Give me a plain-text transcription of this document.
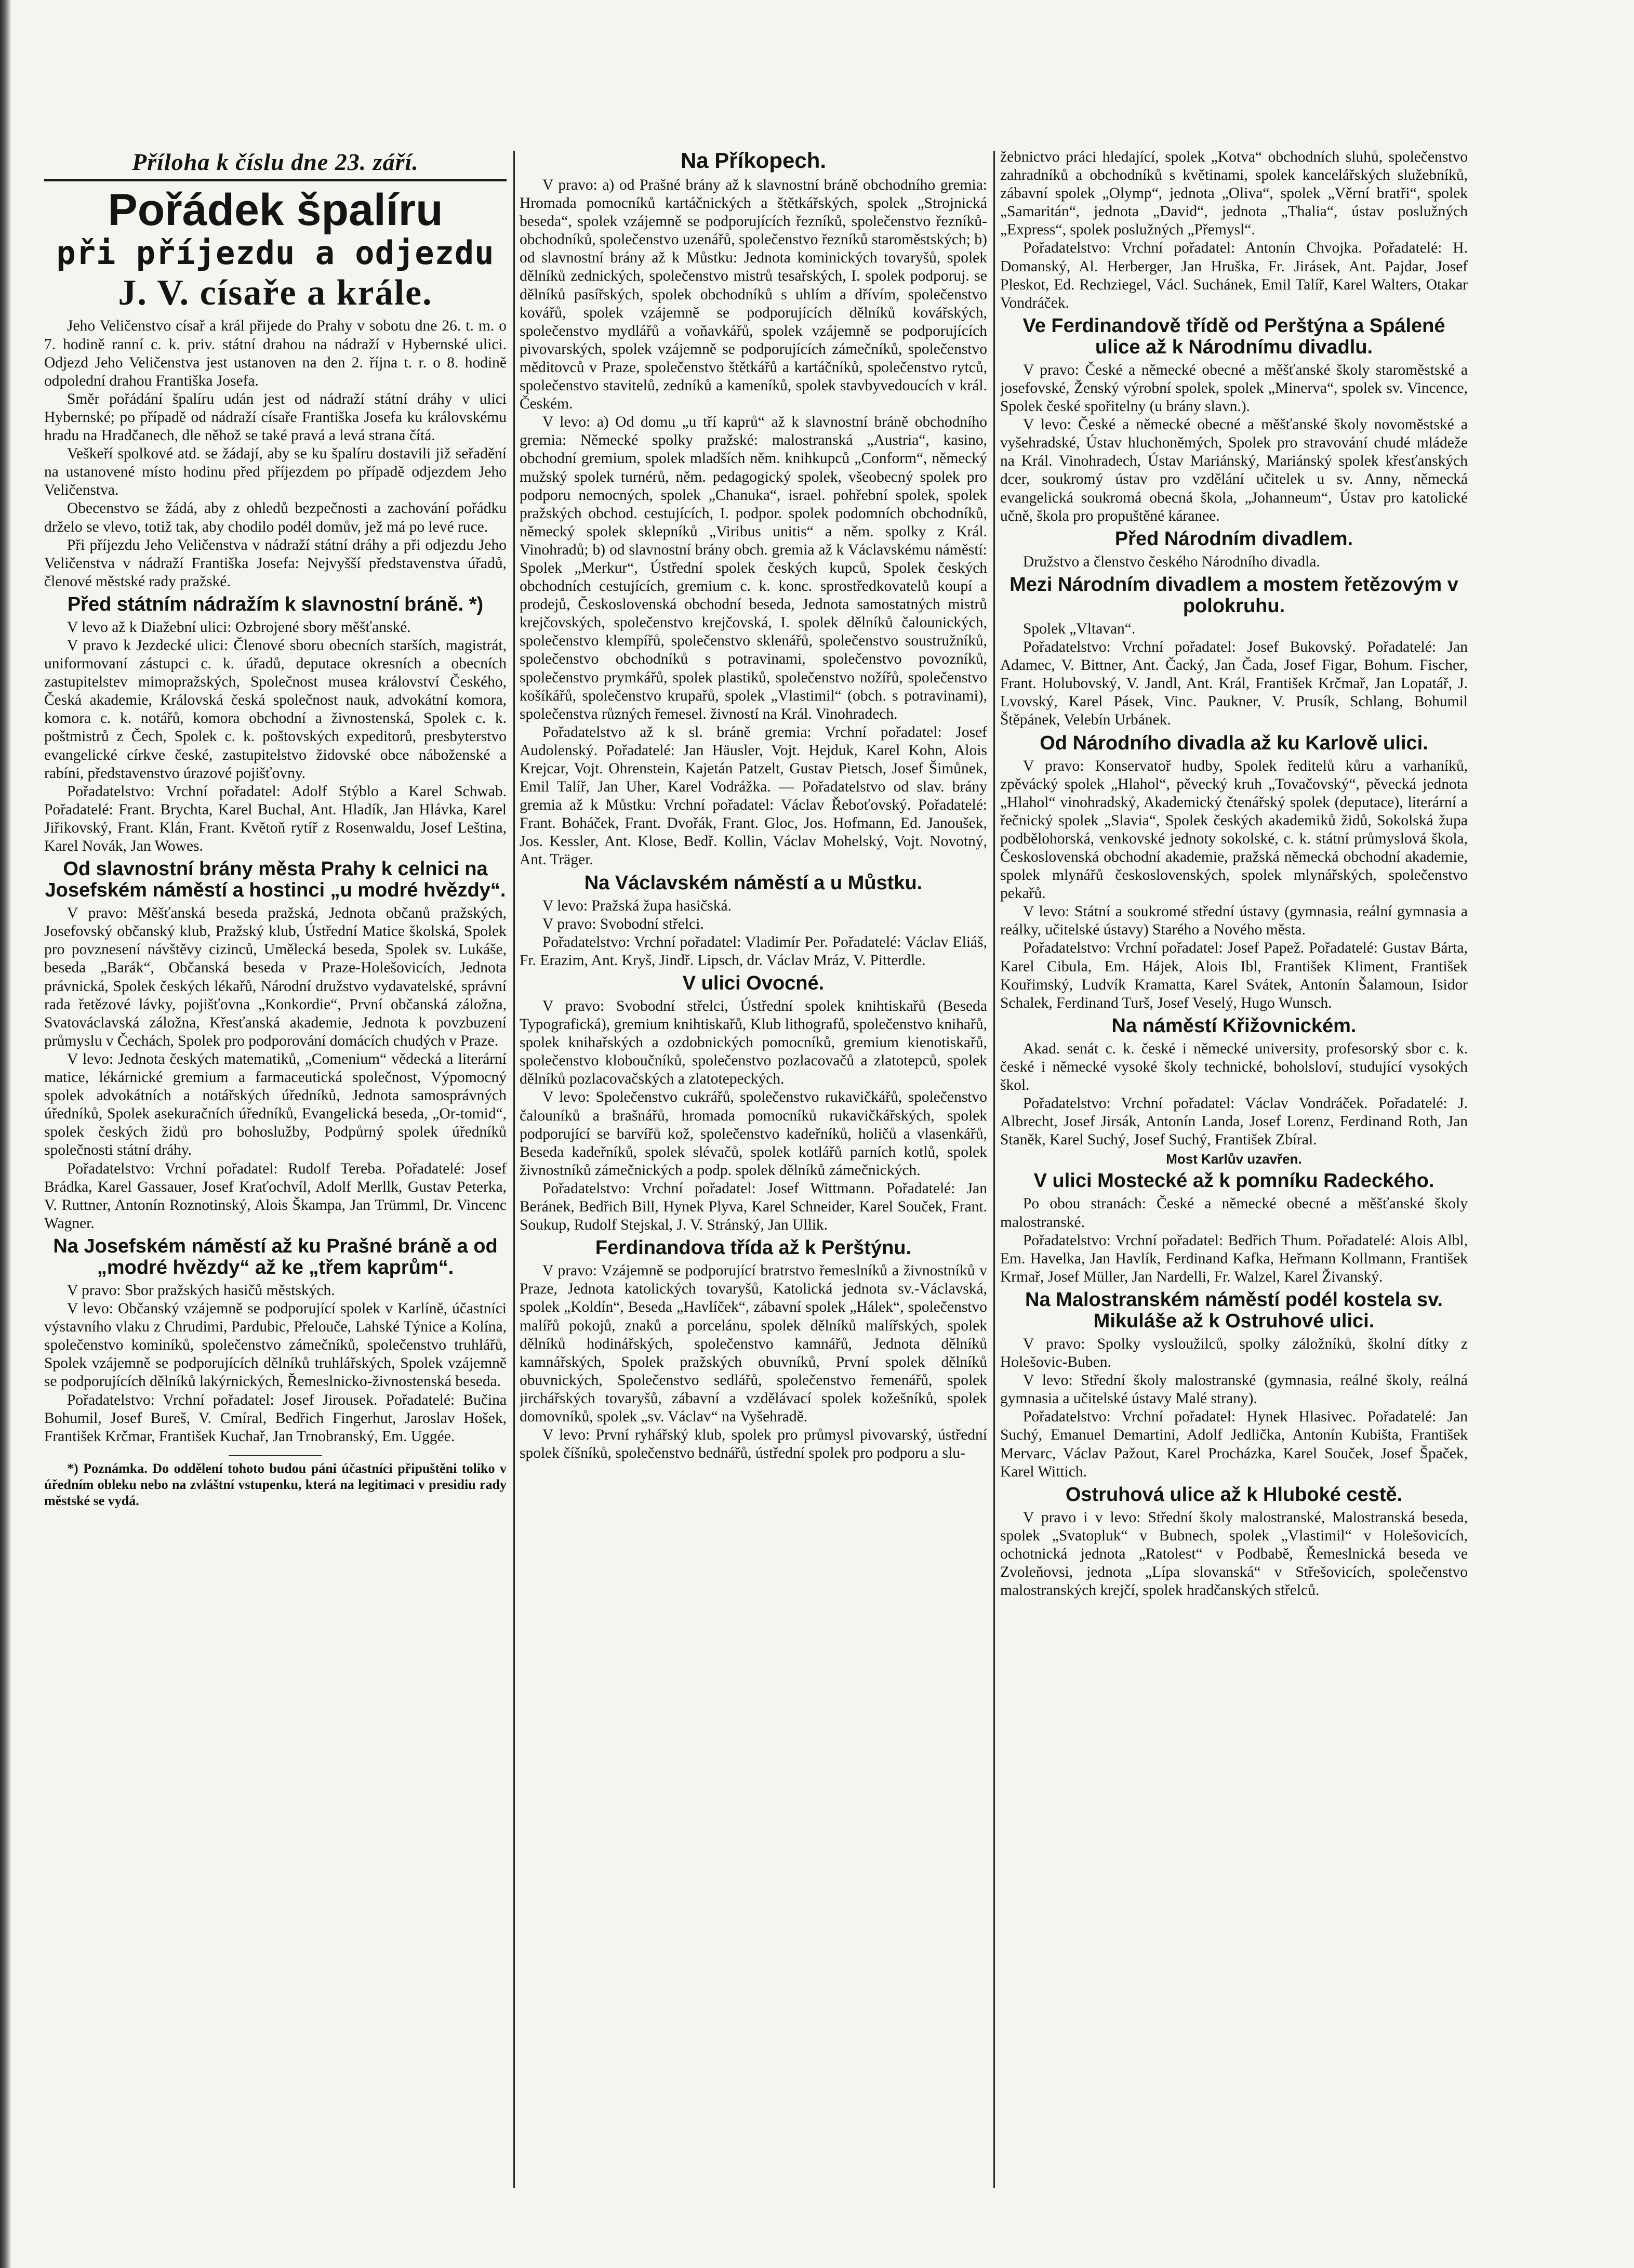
Příloha k číslu dne 23. září.
Pořádek špalíru
při příjezdu a odjezdu
J. V. císaře a krále.

Jeho Veličenstvo císař a král přijede do Prahy v sobotu dne 26. t. m. o 7. hodině ranní c. k. priv. státní drahou na nádraží v Hybernské ulici. Odjezd Jeho Veličenstva jest ustanoven na den 2. října t. r. o 8. hodině odpolední drahou Františka Josefa.

Směr pořádání špalíru udán jest od nádraží státní dráhy v ulici Hybernské; po případě od nádraží císaře Františka Josefa ku královskému hradu na Hradčanech, dle něhož se také pravá a levá strana čítá.

Veškeří spolkové atd. se žádají, aby se ku špalíru dostavili již seřadění na ustanovené místo hodinu před příjezdem po případě odjezdem Jeho Veličenstva.

Obecenstvo se žádá, aby z ohledů bezpečnosti a zachování pořádku drželo se vlevo, totiž tak, aby chodilo podél domův, jež má po levé ruce.

Při příjezdu Jeho Veličenstva v nádraží státní dráhy a při odjezdu Jeho Veličenstva v nádraží Františka Josefa: Nejvyšší představenstva úřadů, členové městské rady pražské.

Před státním nádražím k slavnostní bráně. *)

V levo až k Diažební ulici: Ozbrojené sbory měšťanské.

V pravo k Jezdecké ulici: Členové sboru obecních starších, magistrát, uniformovaní zástupci c. k. úřadů, deputace okresních a obecních zastupitelstev mimopražských, Společnost musea království Českého, Česká akademie, Královská česká společnost nauk, advokátní komora, komora c. k. notářů, komora obchodní a živnostenská, Spolek c. k. poštmistrů z Čech, Spolek c. k. poštovských expeditorů, presbyterstvo evangelické církve české, zastupitelstvo židovské obce náboženské a rabíni, představenstvo úrazové pojišťovny.

Pořadatelstvo: Vrchní pořadatel: Adolf Stýblo a Karel Schwab. Pořadatelé: Frant. Brychta, Karel Buchal, Ant. Hladík, Jan Hlávka, Karel Jiřikovský, Frant. Klán, Frant. Květoň rytíř z Rosenwaldu, Josef Leština, Karel Novák, Jan Wowes.

Od slavnostní brány města Prahy k celnici na Josefském náměstí a hostinci „u modré hvězdy“.

V pravo: Měšťanská beseda pražská, Jednota občanů pražských, Josefovský občanský klub, Pražský klub, Ústřední Matice školská, Spolek pro povznesení návštěvy cizinců, Umělecká beseda, Spolek sv. Lukáše, beseda „Barák“, Občanská beseda v Praze-Holešovicích, Jednota právnická, Spolek českých lékařů, Národní družstvo vydavatelské, správní rada řetězové lávky, pojišťovna „Konkordie“, První občanská záložna, Svatováclavská záložna, Křesťanská akademie, Jednota k povzbuzení průmyslu v Čechách, Spolek pro podporování domácích chudých v Praze.

V levo: Jednota českých matematiků, „Comenium“ vědecká a literární matice, lékárnické gremium a farmaceutická společnost, Výpomocný spolek advokátních a notářských úředníků, Jednota samosprávných úředníků, Spolek asekuračních úředníků, Evangelická beseda, „Or-tomid“, spolek českých židů pro bohoslužby, Podpůrný spolek úředníků společnosti státní dráhy.

Pořadatelstvo: Vrchní pořadatel: Rudolf Tereba. Pořadatelé: Josef Brádka, Karel Gassauer, Josef Kraťochvíl, Adolf Merllk, Gustav Peterka, V. Ruttner, Antonín Roznotinský, Alois Škampa, Jan Trümml, Dr. Vincenc Wagner.

Na Josefském náměstí až ku Prašné bráně a od „modré hvězdy“ až ke „třem kaprům“.

V pravo: Sbor pražských hasičů městských.

V levo: Občanský vzájemně se podporující spolek v Karlíně, účastníci výstavního vlaku z Chrudimi, Pardubic, Přelouče, Lahské Týnice a Kolína, společenstvo kominíků, společenstvo zámečníků, společenstvo truhlářů, Spolek vzájemně se podporujících dělníků truhlářských, Spolek vzájemně se podporujících dělníků lakýrnických, Řemeslnicko-živnostenská beseda.

Pořadatelstvo: Vrchní pořadatel: Josef Jirousek. Pořadatelé: Bučina Bohumil, Josef Bureš, V. Cmíral, Bedřich Fingerhut, Jaroslav Hošek, František Krčmar, František Kuchař, Jan Trnobranský, Em. Uggée.

*) Poznámka. Do oddělení tohoto budou páni účastníci připuštěni toliko v úředním obleku nebo na zvláštní vstupenku, která na legitimaci v presidiu rady městské se vydá.

Na Příkopech.

V pravo: a) od Prašné brány až k slavnostní bráně obchodního gremia: Hromada pomocníků kartáčnických a štětkářských, spolek „Strojnická beseda“, spolek vzájemně se podporujících řezníků, společenstvo řezníků-obchodníků, společenstvo uzenářů, společenstvo řezníků staroměstských; b) od slavnostní brány až k Můstku: Jednota kominických tovaryšů, spolek dělníků zednických, společenstvo mistrů tesařských, I. spolek podporuj. se dělníků pasířských, spolek obchodníků s uhlím a dřívím, společenstvo kovářů, spolek vzájemně se podporujících dělníků kovářských, společenstvo mydlářů a voňavkářů, spolek vzájemně se podporujících pivovarských, spolek vzájemně se podporujících zámečníků, společenstvo měditovců v Praze, společenstvo štětkářů a kartáčníků, společenstvo rytců, společenstvo stavitelů, zedníků a kameníků, spolek stavbyvedoucích v král. Českém.

V levo: a) Od domu „u tří kaprů“ až k slavnostní bráně obchodního gremia: Německé spolky pražské: malostranská „Austria“, kasino, obchodní gremium, spolek mladších něm. knihkupců „Conform“, německý mužský spolek turnérů, něm. pedagogický spolek, všeobecný spolek pro podporu nemocných, spolek „Chanuka“, israel. pohřební spolek, spolek pražských obchod. cestujících, I. podpor. spolek podomních obchodníků, německý spolek sklepníků „Viribus unitis“ a něm. spolky z Král. Vinohradů; b) od slavnostní brány obch. gremia až k Václavskému náměstí: Spolek „Merkur“, Ústřední spolek českých kupců, Spolek českých obchodních cestujících, gremium c. k. konc. sprostředkovatelů koupí a prodejů, Československá obchodní beseda, Jednota samostatných mistrů krejčovských, společenstvo krejčovská, I. spolek dělníků čalounických, společenstvo klempířů, společenstvo sklenářů, společenstvo soustružníků, společenstvo obchodníků s potravinami, společenstvo povozníků, společenstvo prymkářů, spolek plastiků, společenstvo nožířů, společenstvo košíkářů, společenstvo krupařů, spolek „Vlastimil“ (obch. s potravinami), společenstva různých řemesel. živností na Král. Vinohradech.

Pořadatelstvo až k sl. bráně gremia: Vrchní pořadatel: Josef Audolenský. Pořadatelé: Jan Häusler, Vojt. Hejduk, Karel Kohn, Alois Krejcar, Vojt. Ohrenstein, Kajetán Patzelt, Gustav Pietsch, Josef Šimůnek, Emil Talíř, Jan Uher, Karel Vodrážka. — Pořadatelstvo od slav. brány gremia až k Můstku: Vrchní pořadatel: Václav Řeboťovský. Pořadatelé: Frant. Boháček, Frant. Dvořák, Frant. Gloc, Jos. Hofmann, Ed. Janoušek, Jos. Kessler, Ant. Klose, Bedř. Kollin, Václav Mohelský, Vojt. Novotný, Ant. Träger.

Na Václavském náměstí a u Můstku.

V levo: Pražská župa hasičská.

V pravo: Svobodní střelci.

Pořadatelstvo: Vrchní pořadatel: Vladimír Per. Pořadatelé: Václav Eliáš, Fr. Erazim, Ant. Kryš, Jindř. Lipsch, dr. Václav Mráz, V. Pitterdle.

V ulici Ovocné.

V pravo: Svobodní střelci, Ústřední spolek knihtiskařů (Beseda Typografická), gremium knihtiskařů, Klub lithografů, společenstvo knihařů, spolek knihařských a ozdobnických pomocníků, gremium kienotiskařů, společenstvo kloboučníků, společenstvo pozlacovačů a zlatotepců, spolek dělníků pozlacovačských a zlatotepeckých.

V levo: Společenstvo cukrářů, společenstvo rukavičkářů, společenstvo čalouníků a brašnářů, hromada pomocníků rukavičkářských, spolek podporující se barvířů kož, společenstvo kadeřníků, holičů a vlasenkářů, Beseda kadeřníků, spolek slévačů, spolek kotlářů parních kotlů, spolek živnostníků zámečnických a podp. spolek dělníků zámečnických.

Pořadatelstvo: Vrchní pořadatel: Josef Wittmann. Pořadatelé: Jan Beránek, Bedřich Bill, Hynek Plyva, Karel Schneider, Karel Souček, Frant. Soukup, Rudolf Stejskal, J. V. Stránský, Jan Ullik.

Ferdinandova třída až k Perštýnu.

V pravo: Vzájemně se podporující bratrstvo řemeslníků a živnostníků v Praze, Jednota katolických tovaryšů, Katolická jednota sv.-Václavská, spolek „Koldín“, Beseda „Havlíček“, zábavní spolek „Hálek“, společenstvo malířů pokojů, znaků a porcelánu, spolek dělníků malířských, spolek dělníků hodinářských, společenstvo kamnářů, Jednota dělníků kamnářských, Spolek pražských obuvníků, První spolek dělníků obuvnických, Společenstvo sedlářů, společenstvo řemenářů, spolek jirchářských tovaryšů, zábavní a vzdělávací spolek kožešníků, spolek domovníků, spolek „sv. Václav“ na Vyšehradě.

V levo: První ryhářský klub, spolek pro průmysl pivovarský, ústřední spolek číšníků, společenstvo bednářů, ústřední spolek pro podporu a slu-

žebnictvo práci hledající, spolek „Kotva“ obchodních sluhů, společenstvo zahradníků a obchodníků s květinami, spolek kancelářských služebníků, zábavní spolek „Olymp“, jednota „Oliva“, spolek „Věrní bratři“, spolek „Samaritán“, jednota „David“, jednota „Thalia“, ústav poslužných „Express“, spolek poslužných „Přemysl“.

Pořadatelstvo: Vrchní pořadatel: Antonín Chvojka. Pořadatelé: H. Domanský, Al. Herberger, Jan Hruška, Fr. Jirásek, Ant. Pajdar, Josef Pleskot, Ed. Rechziegel, Václ. Suchánek, Emil Talíř, Karel Walters, Otakar Vondráček.

Ve Ferdinandově třídě od Perštýna a Spálené ulice až k Národnímu divadlu.

V pravo: České a německé obecné a měšťanské školy staroměstské a josefovské, Ženský výrobní spolek, spolek „Minerva“, spolek sv. Vincence, Spolek české spořitelny (u brány slavn.).

V levo: České a německé obecné a měšťanské školy novoměstské a vyšehradské, Ústav hluchoněmých, Spolek pro stravování chudé mládeže na Král. Vinohradech, Ústav Mariánský, Mariánský spolek křesťanských dcer, soukromý ústav pro vzdělání učitelek u sv. Anny, německá evangelická soukromá obecná škola, „Johanneum“, Ústav pro katolické učně, škola pro propuštěné káranee.

Před Národním divadlem.

Družstvo a členstvo českého Národního divadla.

Mezi Národním divadlem a mostem řetězovým v polokruhu.

Spolek „Vltavan“.

Pořadatelstvo: Vrchní pořadatel: Josef Bukovský. Pořadatelé: Jan Adamec, V. Bittner, Ant. Čacký, Jan Čada, Josef Figar, Bohum. Fischer, Frant. Holubovský, V. Jandl, Ant. Král, František Krčmař, Jan Lopatář, J. Lvovský, Karel Pásek, Vinc. Paukner, V. Prusík, Schlang, Bohumil Štěpánek, Velebín Urbánek.

Od Národního divadla až ku Karlově ulici.

V pravo: Konservatoř hudby, Spolek ředitelů kůru a varhaníků, zpěvácký spolek „Hlahol“, pěvecký kruh „Tovačovský“, pěvecká jednota „Hlahol“ vinohradský, Akademický čtenářský spolek (deputace), literární a řečnický spolek „Slavia“, Spolek českých akademiků židů, Sokolská župa podbělohorská, venkovské jednoty sokolské, c. k. státní průmyslová škola, Československá obchodní akademie, pražská německá obchodní akademie, spolek mlynářů československých, spolek mlynářských, společenstvo pekařů.

V levo: Státní a soukromé střední ústavy (gymnasia, reální gymnasia a reálky, učitelské ústavy) Starého a Nového města.

Pořadatelstvo: Vrchní pořadatel: Josef Papež. Pořadatelé: Gustav Bárta, Karel Cibula, Em. Hájek, Alois Ibl, František Kliment, František Kouřimský, Ludvík Kramatta, Karel Svátek, Antonín Šalamoun, Isidor Schalek, Ferdinand Turš, Josef Veselý, Hugo Wunsch.

Na náměstí Křižovnickém.

Akad. senát c. k. české i německé university, profesorský sbor c. k. české i německé vysoké školy technické, boholsloví, studující vysokých škol.

Pořadatelstvo: Vrchní pořadatel: Václav Vondráček. Pořadatelé: J. Albrecht, Josef Jirsák, Antonín Landa, Josef Lorenz, Ferdinand Roth, Jan Staněk, Karel Suchý, Josef Suchý, František Zbíral.

Most Karlův uzavřen.
V ulici Mostecké až k pomníku Radeckého.

Po obou stranách: České a německé obecné a měšťanské školy malostranské.

Pořadatelstvo: Vrchní pořadatel: Bedřich Thum. Pořadatelé: Alois Albl, Em. Havelka, Jan Havlík, Ferdinand Kafka, Heřmann Kollmann, František Krmař, Josef Müller, Jan Nardelli, Fr. Walzel, Karel Živanský.

Na Malostranském náměstí podél kostela sv. Mikuláše až k Ostruhové ulici.

V pravo: Spolky vysloužilců, spolky záložníků, školní dítky z Holešovic-Buben.

V levo: Střední školy malostranské (gymnasia, reálné školy, reálná gymnasia a učitelské ústavy Malé strany).

Pořadatelstvo: Vrchní pořadatel: Hynek Hlasivec. Pořadatelé: Jan Suchý, Emanuel Demartini, Adolf Jedlička, Antonín Kubišta, František Mervarc, Václav Pažout, Karel Procházka, Karel Souček, Josef Špaček, Karel Wittich.

Ostruhová ulice až k Hluboké cestě.

V pravo i v levo: Střední školy malostranské, Malostranská beseda, spolek „Svatopluk“ v Bubnech, spolek „Vlastimil“ v Holešovicích, ochotnická jednota „Ratolest“ v Podbabě, Řemeslnická beseda ve Zvoleňovsi, jednota „Lípa slovanská“ v Střešovicích, společenstvo malostranských krejčí, spolek hradčanských střelců.
